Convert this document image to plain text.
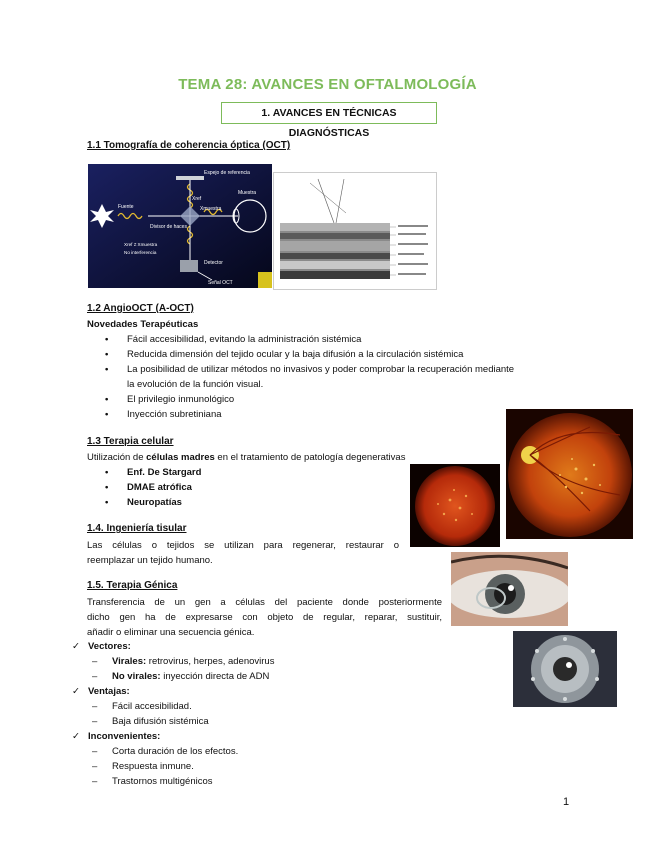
TEMA 28: AVANCES EN OFTALMOLOGÍA
1. AVANCES EN TÉCNICAS DIAGNÓSTICAS
1.1 Tomografía de coherencia óptica (OCT)
Espejo de referencia
Fuente
Divisor de haces
Xref
Xmuestra
Muestra
Detector
Señal OCT
Xref ≠ Xmuestra
No interferencia
1.2 AngioOCT (A-OCT)
Novedades Terapéuticas
• Fácil accesibilidad, evitando la administración sistémica
• Reducida dimensión del tejido ocular y la baja difusión a la circulación sistémica
• La posibilidad de utilizar métodos no invasivos y poder comprobar la recuperación mediante
la evolución de la función visual.
• El privilegio inmunológico
• Inyección subretiniana
1.3 Terapia celular
Utilización de células madres en el tratamiento de patología degenerativas
• Enf. De Stargard
• DMAE atrófica
• Neuropatías
1.4. Ingeniería tisular
Las células o tejidos se utilizan para regenerar, restaurar o
reemplazar un tejido humano.
1.5. Terapia Génica
Transferencia de un gen a células del paciente donde posteriormente
dicho gen ha de expresarse con objeto de regular, reparar, sustituir,
añadir o eliminar una secuencia génica.
✓ Vectores:
– Virales: retrovirus, herpes, adenovirus
– No virales: inyección directa de ADN
✓ Ventajas:
– Fácil accesibilidad.
– Baja difusión sistémica
✓ Inconvenientes:
– Corta duración de los efectos.
– Respuesta inmune.
– Trastornos multigénicos
1
